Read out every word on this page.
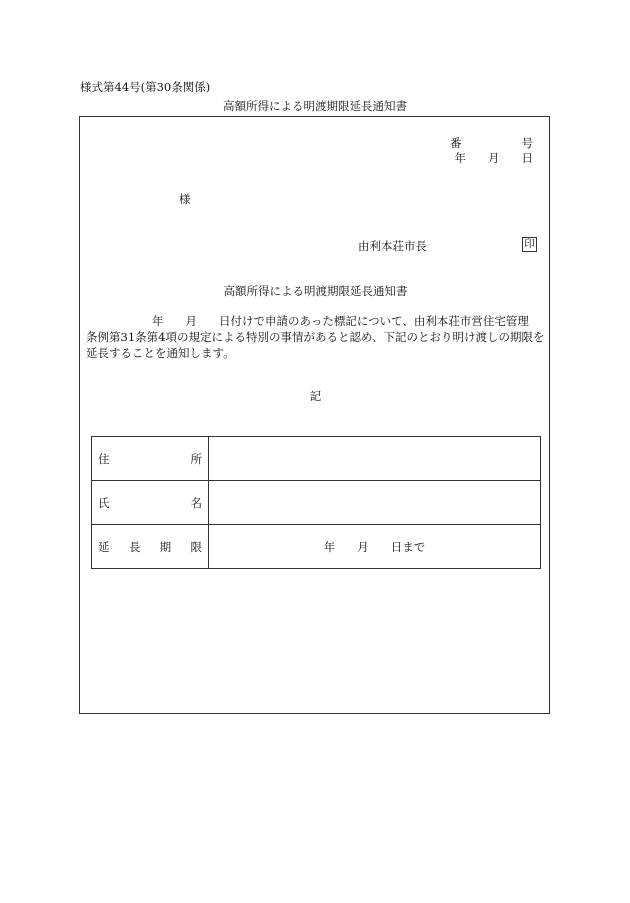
様式第44号(第30条関係)
高額所得による明渡期限延長通知書
番	号
年 月 日
様
由利本荘市長	印
高額所得による明渡期限延長通知書
年 月 日付けで申請のあった標記について、由利本荘市営住宅管理
条例第31条第4項の規定による特別の事情があると認め、下記のとおり明け渡しの期限を
延長することを通知します。
記
住 所	

氏 名	

延 長 期 限	年 月 日まで
